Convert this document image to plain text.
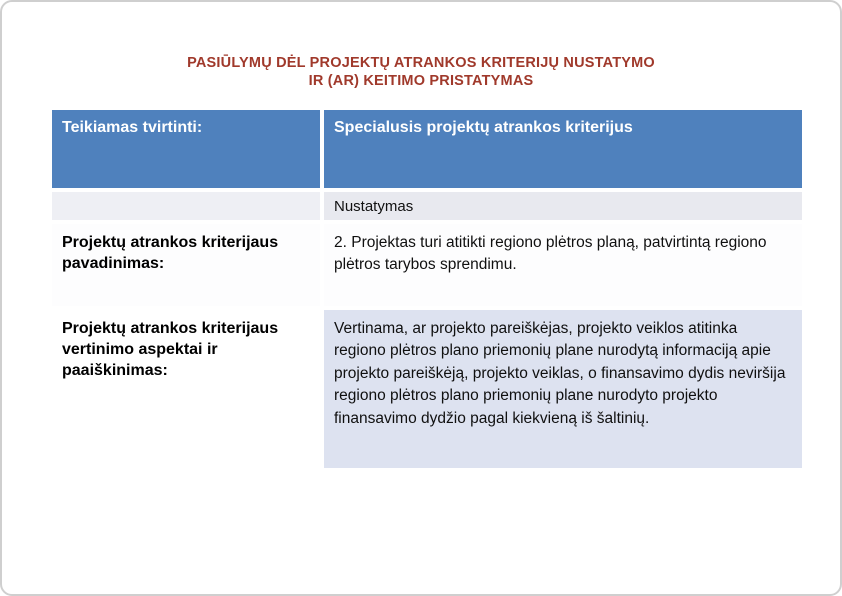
PASIŪLYMŲ DĖL PROJEKTŲ ATRANKOS KRITERIJŲ NUSTATYMO
IR (AR) KEITIMO PRISTATYMAS
Teikiamas tvirtinti:	Specialusis projektų atrankos kriterijus
Nustatymas
Projektų atrankos kriterijaus pavadinimas:
2. Projektas turi atitikti regiono plėtros planą, patvirtintą regiono plėtros tarybos sprendimu.
Projektų atrankos kriterijaus vertinimo aspektai ir paaiškinimas:
Vertinama, ar projekto pareiškėjas, projekto veiklos atitinka regiono plėtros plano priemonių plane nurodytą informaciją apie projekto pareiškėją, projekto veiklas, o finansavimo dydis neviršija regiono plėtros plano priemonių plane nurodyto projekto finansavimo dydžio pagal kiekvieną iš šaltinių.
